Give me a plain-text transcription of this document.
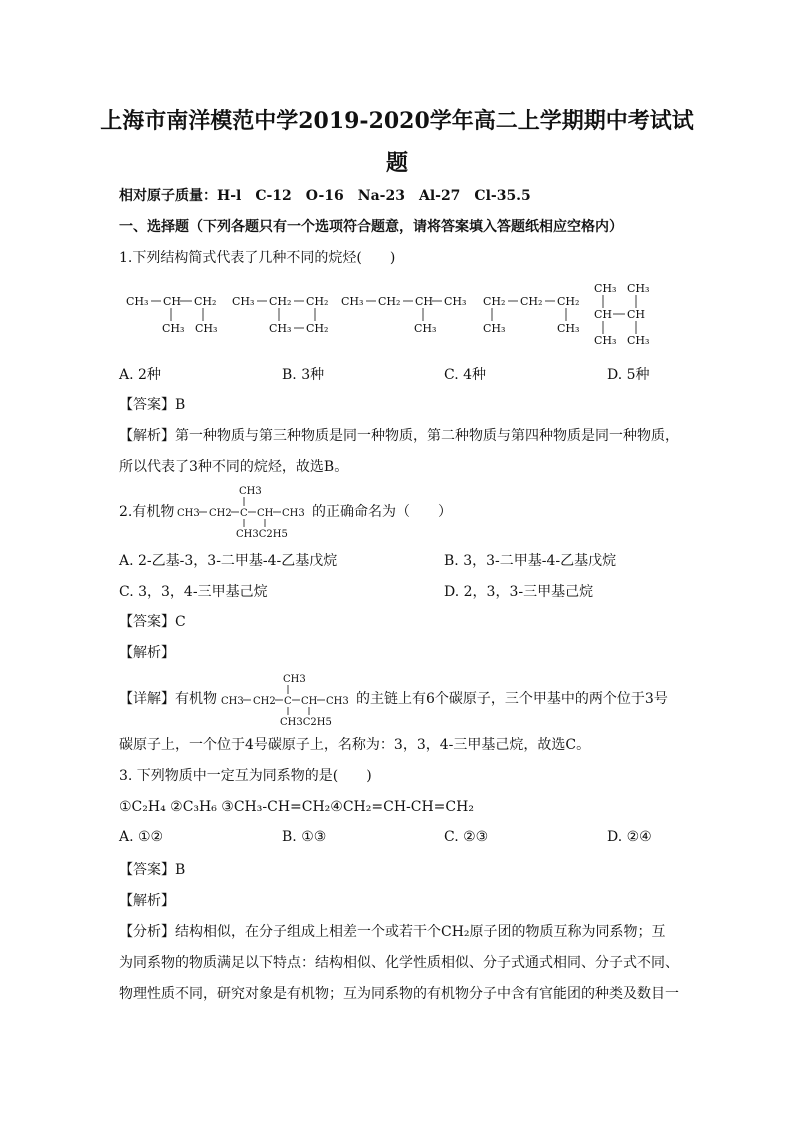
上海市南洋模范中学2019-2020学年高二上学期期中考试试
题
相对原子质量：H-l　C-12　O-16　Na-23　Al-27　Cl-35.5
一、选择题（下列各题只有一个选项符合题意，请将答案填入答题纸相应空格内）
1.下列结构简式代表了几种不同的烷烃(　　)
CH₃ CH CH₂
CH₃ CH₃
CH₃ CH₂ CH₂
CH₃ CH₂
CH₃ CH₂ CH CH₃
CH₃
CH₂ CH₂ CH₂
CH₃	CH₃
CH₃ CH₃
CH CH
CH₃ CH₃
A. 2种	B. 3种	C. 4种	D. 5种
【答案】B
【解析】第一种物质与第三种物质是同一种物质，第二种物质与第四种物质是同一种物质，
所以代表了3种不同的烷烃，故选B。
2.有机物
CH3
CH3 CH2 C CH CH3
CH3C2H5
的正确命名为（　　）
A. 2-乙基-3，3-二甲基-4-乙基戊烷	B. 3，3-二甲基-4-乙基戊烷
C. 3，3，4-三甲基己烷	D. 2，3，3-三甲基己烷
【答案】C
【解析】
【详解】有机物
CH3
CH3 CH2 C CH CH3
CH3C2H5
的主链上有6个碳原子，三个甲基中的两个位于3号
碳原子上，一个位于4号碳原子上，名称为：3，3，4-三甲基己烷，故选C。
3. 下列物质中一定互为同系物的是(　　)
①C₂H₄ ②C₃H₆ ③CH₃-CH=CH₂④CH₂=CH-CH=CH₂
A. ①②	B. ①③	C. ②③	D. ②④
【答案】B
【解析】
【分析】结构相似，在分子组成上相差一个或若干个CH₂原子团的物质互称为同系物；互
为同系物的物质满足以下特点：结构相似、化学性质相似、分子式通式相同、分子式不同、
物理性质不同，研究对象是有机物；互为同系物的有机物分子中含有官能团的种类及数目一
